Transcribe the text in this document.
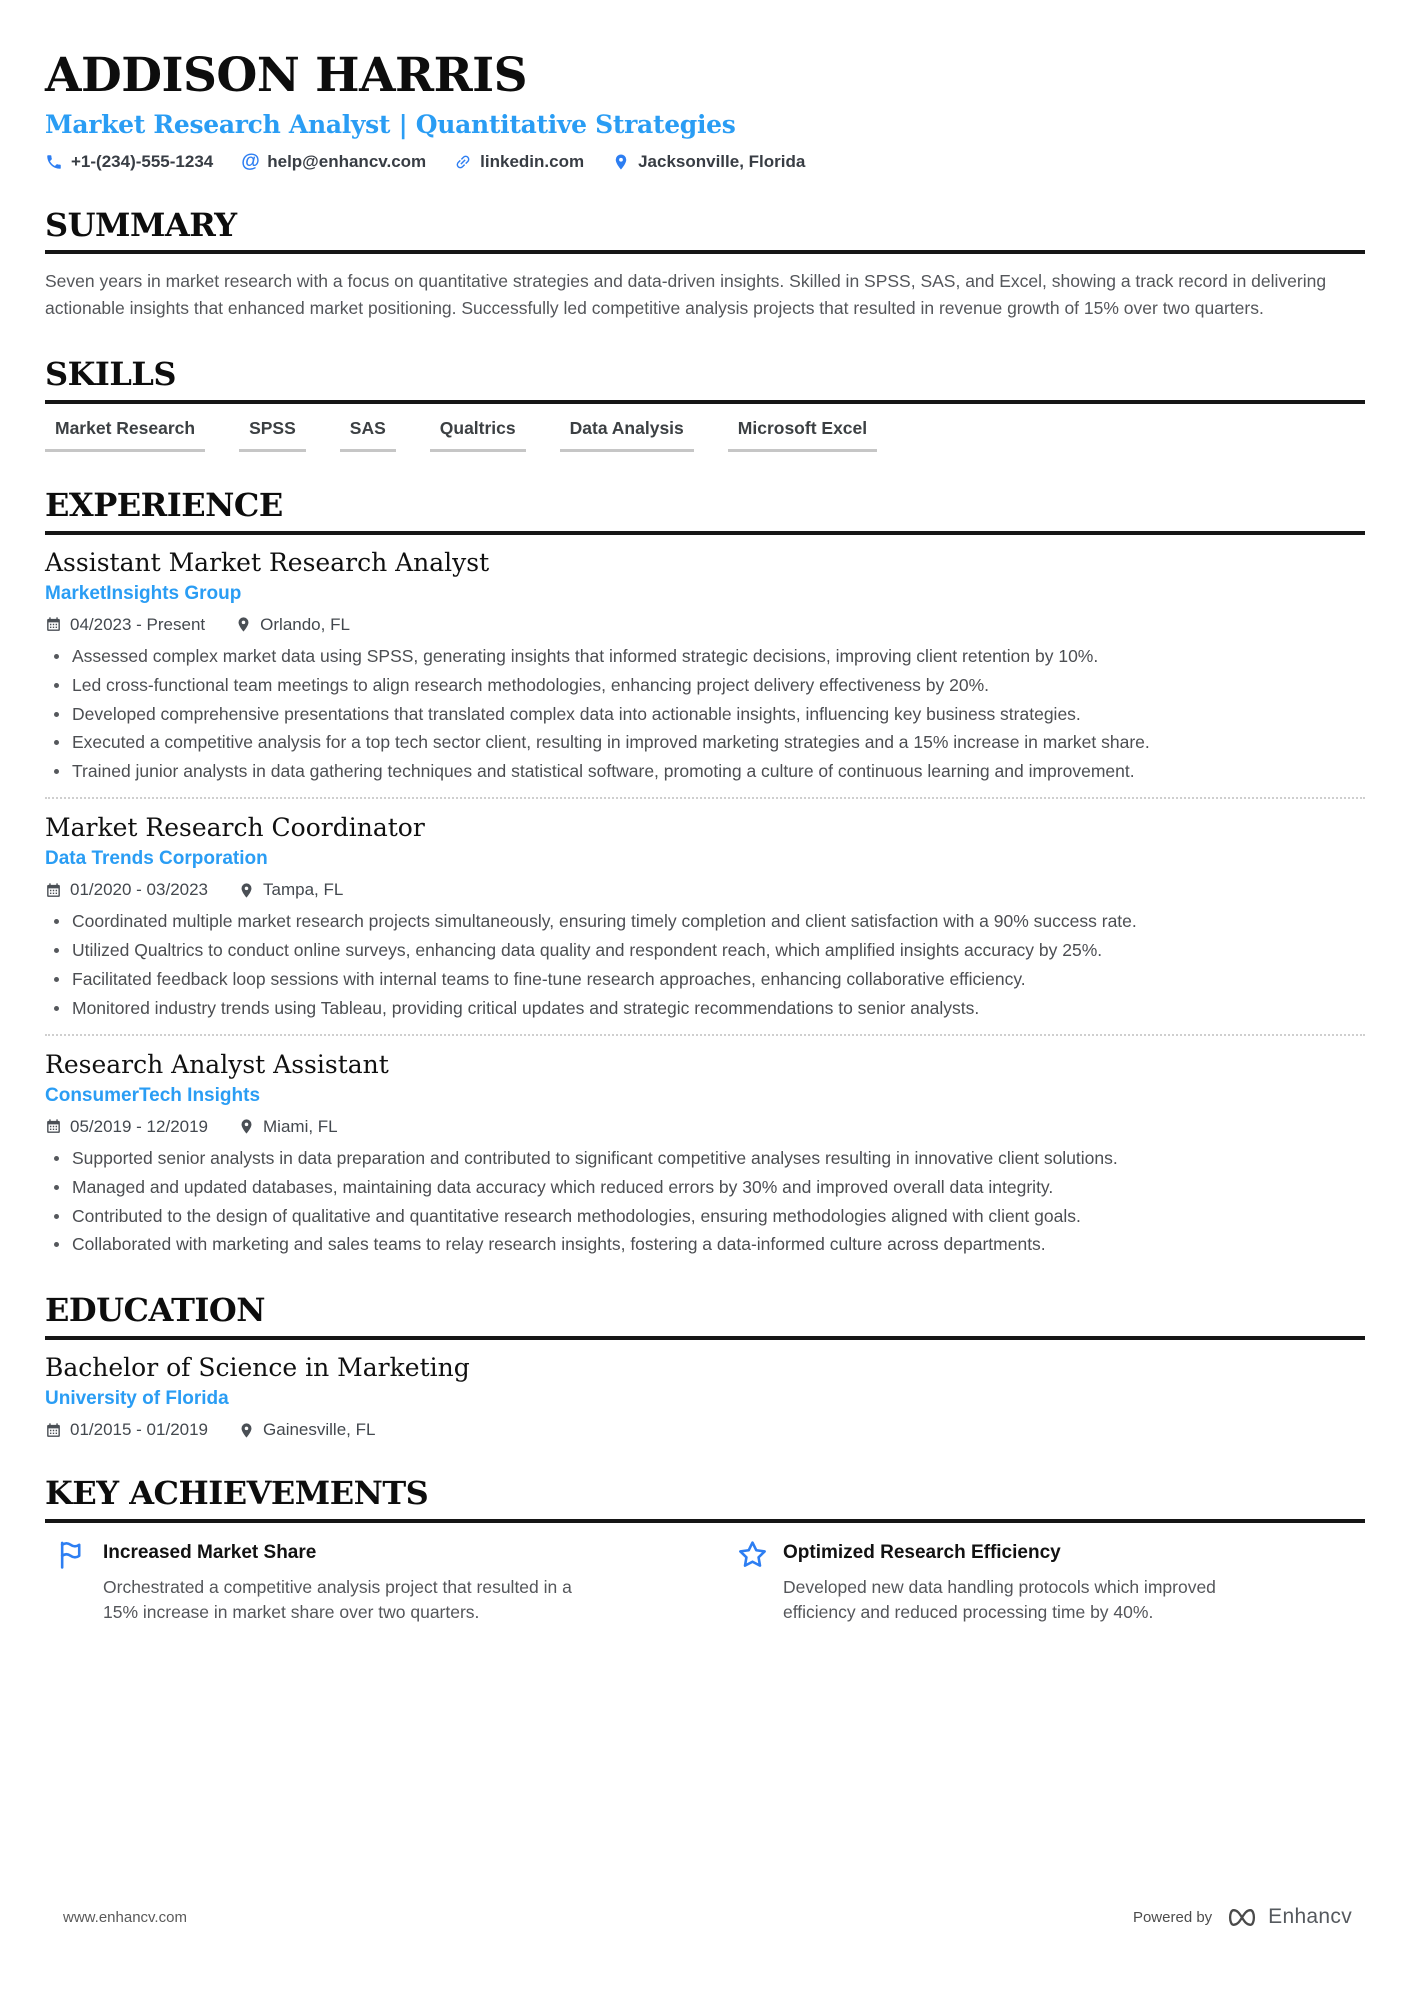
ADDISON HARRIS
Market Research Analyst | Quantitative Strategies
+1-(234)-555-1234 @ help@enhancv.com	linkedin.com	Jacksonville, Florida
SUMMARY

Seven years in market research with a focus on quantitative strategies and data-driven insights. Skilled in SPSS, SAS, and Excel, showing a track record in delivering actionable insights that enhanced market positioning. Successfully led competitive analysis projects that resulted in revenue growth of 15% over two quarters.

SKILLS
Market Research	SPSS	SAS	Qualtrics	Data Analysis	Microsoft Excel
EXPERIENCE
Assistant Market Research Analyst
MarketInsights Group
04/2023 - Present	Orlando, FL
Assessed complex market data using SPSS, generating insights that informed strategic decisions, improving client retention by 10%.
Led cross-functional team meetings to align research methodologies, enhancing project delivery effectiveness by 20%.
Developed comprehensive presentations that translated complex data into actionable insights, influencing key business strategies.
Executed a competitive analysis for a top tech sector client, resulting in improved marketing strategies and a 15% increase in market share.
Trained junior analysts in data gathering techniques and statistical software, promoting a culture of continuous learning and improvement.
Market Research Coordinator
Data Trends Corporation
01/2020 - 03/2023	Tampa, FL
Coordinated multiple market research projects simultaneously, ensuring timely completion and client satisfaction with a 90% success rate.
Utilized Qualtrics to conduct online surveys, enhancing data quality and respondent reach, which amplified insights accuracy by 25%.
Facilitated feedback loop sessions with internal teams to fine-tune research approaches, enhancing collaborative efficiency.
Monitored industry trends using Tableau, providing critical updates and strategic recommendations to senior analysts.
Research Analyst Assistant
ConsumerTech Insights
05/2019 - 12/2019	Miami, FL
Supported senior analysts in data preparation and contributed to significant competitive analyses resulting in innovative client solutions.
Managed and updated databases, maintaining data accuracy which reduced errors by 30% and improved overall data integrity.
Contributed to the design of qualitative and quantitative research methodologies, ensuring methodologies aligned with client goals.
Collaborated with marketing and sales teams to relay research insights, fostering a data-informed culture across departments.
EDUCATION
Bachelor of Science in Marketing
University of Florida
01/2015 - 01/2019	Gainesville, FL
KEY ACHIEVEMENTS
Increased Market Share
Orchestrated a competitive analysis project that resulted in a 15% increase in market share over two quarters.
Optimized Research Efficiency
Developed new data handling protocols which improved efficiency and reduced processing time by 40%.
www.enhancv.com	Powered by	Enhancv
